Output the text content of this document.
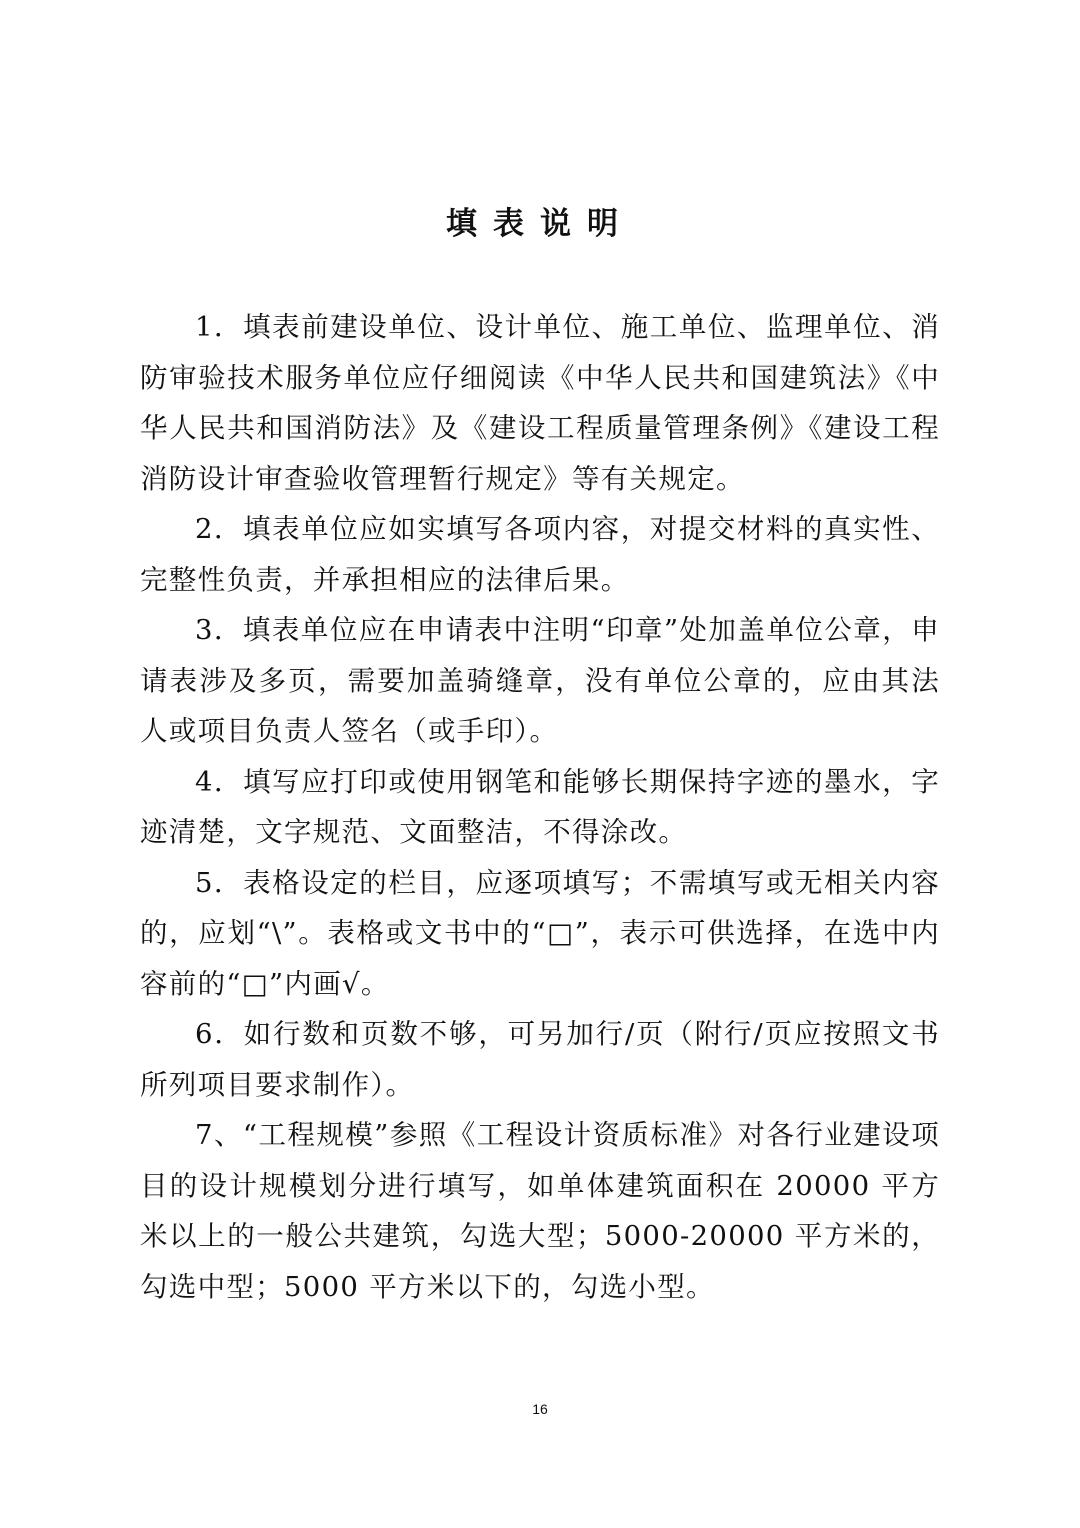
填表说明

1．填表前建设单位、设计单位、施工单位、监理单位、消防审验技术服务单位应仔细阅读《中华人民共和国建筑法》《中华人民共和国消防法》及《建设工程质量管理条例》《建设工程消防设计审查验收管理暂行规定》等有关规定。

2．填表单位应如实填写各项内容，对提交材料的真实性、完整性负责，并承担相应的法律后果。

3．填表单位应在申请表中注明“印章”处加盖单位公章，申请表涉及多页，需要加盖骑缝章，没有单位公章的，应由其法人或项目负责人签名（或手印）。

4．填写应打印或使用钢笔和能够长期保持字迹的墨水，字迹清楚，文字规范、文面整洁，不得涂改。

5．表格设定的栏目，应逐项填写；不需填写或无相关内容的，应划“\”。表格或文书中的“□”，表示可供选择，在选中内容前的“□”内画√。

6．如行数和页数不够，可另加行/页（附行/页应按照文书所列项目要求制作）。

7、“工程规模”参照《工程设计资质标准》对各行业建设项目的设计规模划分进行填写，如单体建筑面积在 20000 平方米以上的一般公共建筑，勾选大型；5000-20000 平方米的，勾选中型；5000 平方米以下的，勾选小型。

16
